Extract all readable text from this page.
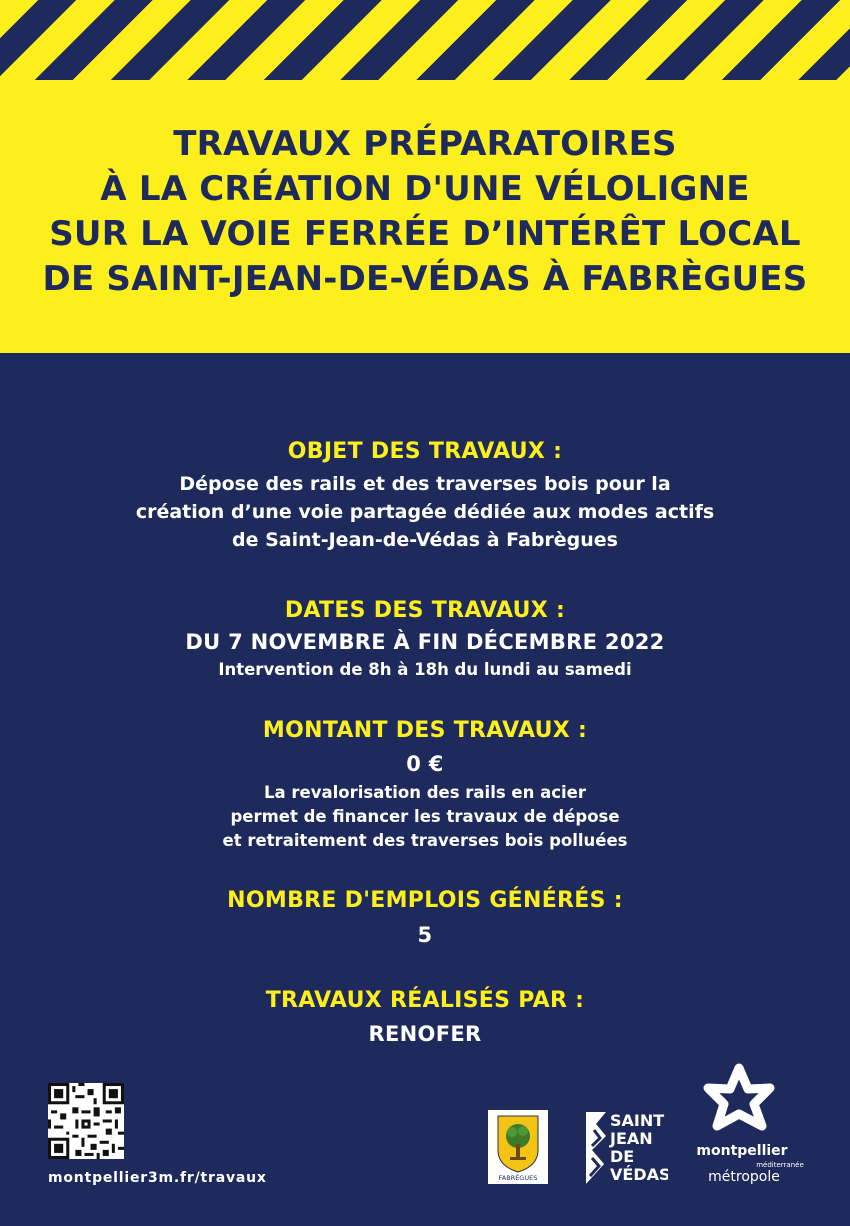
TRAVAUX PRÉPARATOIRES
À LA CRÉATION D'UNE VÉLOLIGNE
SUR LA VOIE FERRÉE D’INTÉRÊT LOCAL
DE SAINT-JEAN-DE-VÉDAS À FABRÈGUES
OBJET DES TRAVAUX :
Dépose des rails et des traverses bois pour la
création d’une voie partagée dédiée aux modes actifs
de Saint-Jean-de-Védas à Fabrègues
DATES DES TRAVAUX :
DU 7 NOVEMBRE À FIN DÉCEMBRE 2022
Intervention de 8h à 18h du lundi au samedi
MONTANT DES TRAVAUX :
0 €
La revalorisation des rails en acier
permet de financer les travaux de dépose
et retraitement des traverses bois polluées
NOMBRE D'EMPLOIS GÉNÉRÉS :
5
TRAVAUX RÉALISÉS PAR :
RENOFER
montpellier3m.fr/travaux	FABRÈGUES
SAINT
JEAN
DE
VÉDAS
montpellier
méditerranée
métropole
